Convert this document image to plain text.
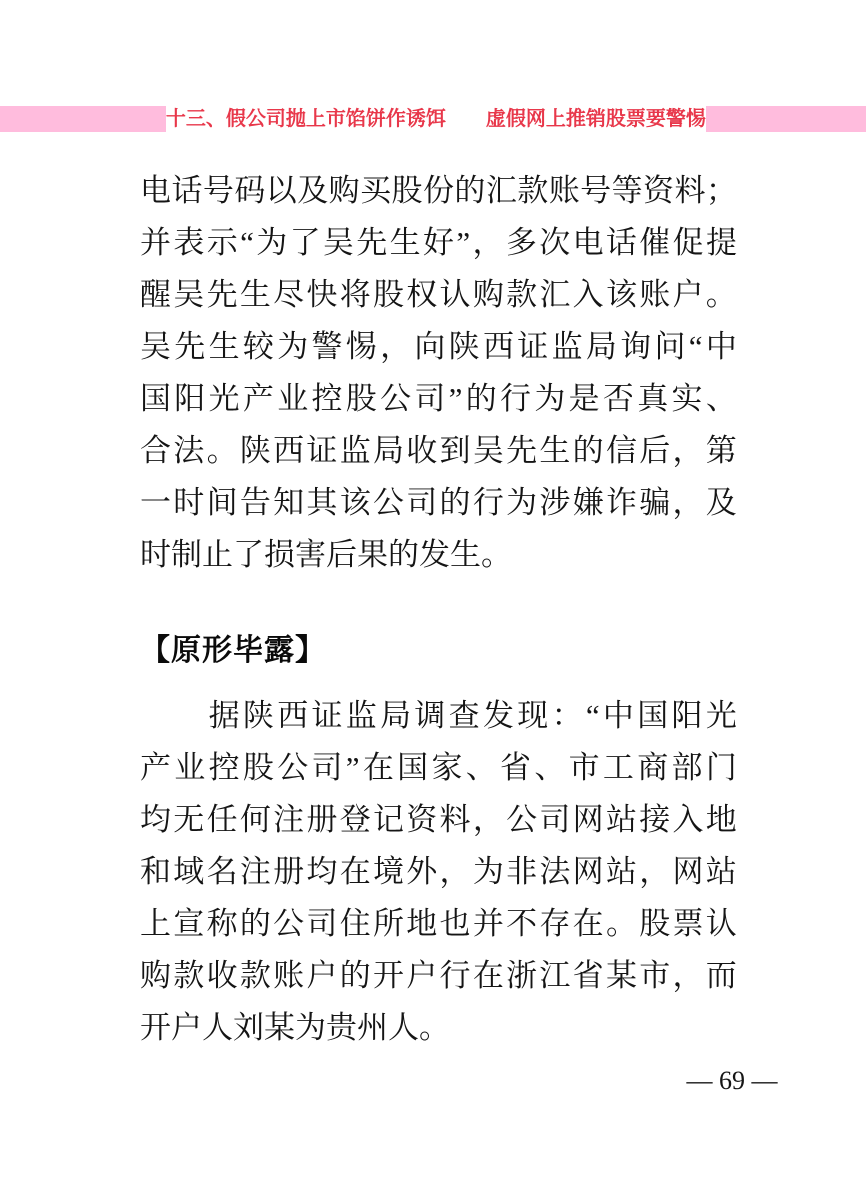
十三、假公司抛上市馅饼作诱饵　　虚假网上推销股票要警惕
电 话 号 码 以 及 购 买 股 份 的 汇 款 账 号 等 资 料 ；
并 表 示 “ 为 了 吴 先 生 好 ” ， 多 次 电 话 催 促 提
醒 吴 先 生 尽 快 将 股 权 认 购 款 汇 入 该 账 户 。
吴 先 生 较 为 警 惕 ， 向 陕 西 证 监 局 询 问 “ 中
国 阳 光 产 业 控 股 公 司 ” 的 行 为 是 否 真 实 、
合 法 。 陕 西 证 监 局 收 到 吴 先 生 的 信 后 ， 第
一 时 间 告 知 其 该 公 司 的 行 为 涉 嫌 诈 骗 ， 及
时制止了损害后果的发生。
【原形毕露】

据 陕 西 证 监 局 调 查 发 现 ： “ 中 国 阳 光
产 业 控 股 公 司 ” 在 国 家 、 省 、 市 工 商 部 门
均 无 任 何 注 册 登 记 资 料 ， 公 司 网 站 接 入 地
和 域 名 注 册 均 在 境 外 ， 为 非 法 网 站 ， 网 站
上 宣 称 的 公 司 住 所 地 也 并 不 存 在 。 股 票 认
购 款 收 款 账 户 的 开 户 行 在 浙 江 省 某 市 ， 而
开户人刘某为贵州人。
— 69 —
